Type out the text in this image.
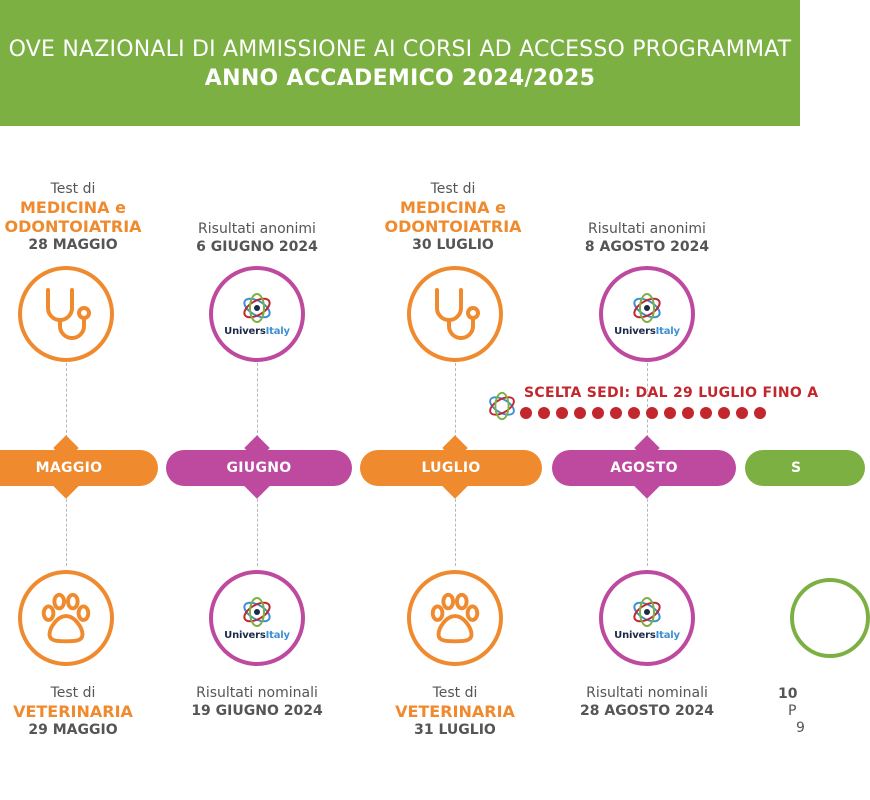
OVE NAZIONALI DI AMMISSIONE AI CORSI AD ACCESSO PROGRAMMAT
ANNO ACCADEMICO 2024/2025
Test di
MEDICINA e
ODONTOIATRIA
28 MAGGIO
Risultati anonimi
6 GIUGNO 2024
Test di
MEDICINA e
ODONTOIATRIA
30 LUGLIO
Risultati anonimi
8 AGOSTO 2024
UniversItaly	UniversItaly
SCELTA SEDI: DAL 29 LUGLIO FINO A
MAGGIO	GIUGNO	LUGLIO	AGOSTO	S
UniversItaly	UniversItaly
Test di
VETERINARIA
29 MAGGIO
Risultati nominali
19 GIUGNO 2024
Test di
VETERINARIA
31 LUGLIO
Risultati nominali
28 AGOSTO 2024
10
P
9
